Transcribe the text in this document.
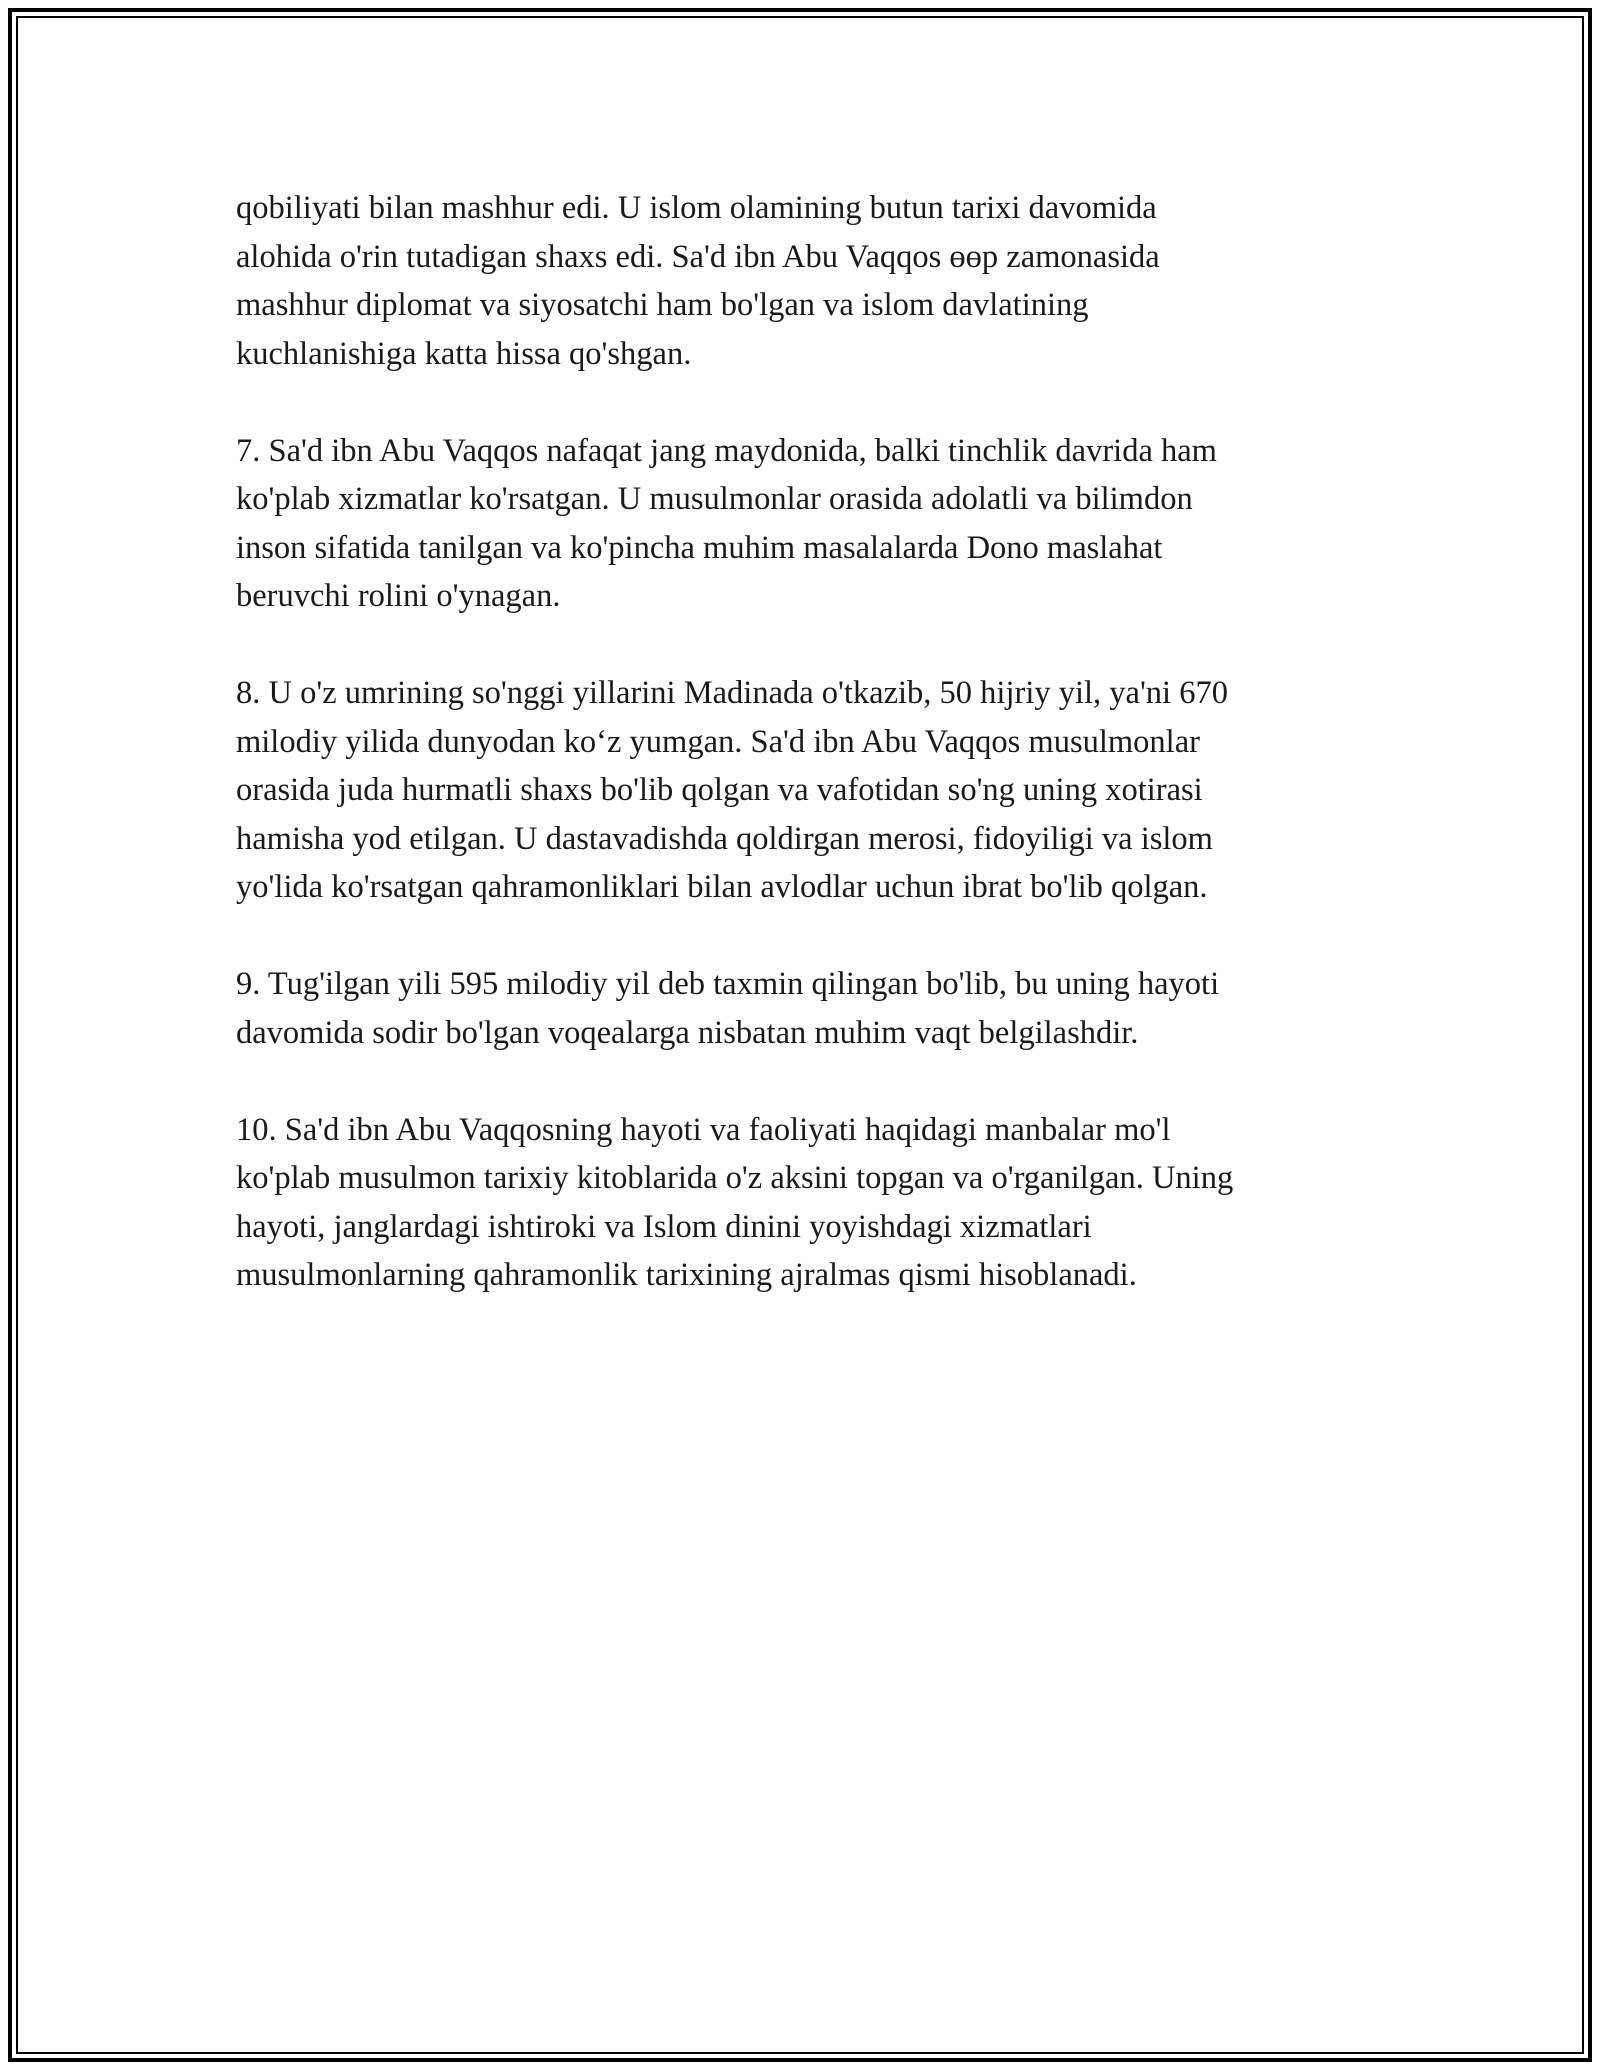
qobiliyati bilan mashhur edi. U islom olamining butun tarixi davomida
alohida o'rin tutadigan shaxs edi. Sa'd ibn Abu Vaqqos өөр zamonasida
mashhur diplomat va siyosatchi ham bo'lgan va islom davlatining
kuchlanishiga katta hissa qo'shgan.

7. Sa'd ibn Abu Vaqqos nafaqat jang maydonida, balki tinchlik davrida ham
ko'plab xizmatlar ko'rsatgan. U musulmonlar orasida adolatli va bilimdon
inson sifatida tanilgan va ko'pincha muhim masalalarda Dono maslahat
beruvchi rolini o'ynagan.

8. U o'z umrining so'nggi yillarini Madinada o'tkazib, 50 hijriy yil, ya'ni 670
milodiy yilida dunyodan ko‘z yumgan. Sa'd ibn Abu Vaqqos musulmonlar
orasida juda hurmatli shaxs bo'lib qolgan va vafotidan so'ng uning xotirasi
hamisha yod etilgan. U dastavadishda qoldirgan merosi, fidoyiligi va islom
yo'lida ko'rsatgan qahramonliklari bilan avlodlar uchun ibrat bo'lib qolgan.

9. Tug'ilgan yili 595 milodiy yil deb taxmin qilingan bo'lib, bu uning hayoti
davomida sodir bo'lgan voqealarga nisbatan muhim vaqt belgilashdir.

10. Sa'd ibn Abu Vaqqosning hayoti va faoliyati haqidagi manbalar mo'l
ko'plab musulmon tarixiy kitoblarida o'z aksini topgan va o'rganilgan. Uning
hayoti, janglardagi ishtiroki va Islom dinini yoyishdagi xizmatlari
musulmonlarning qahramonlik tarixining ajralmas qismi hisoblanadi.
